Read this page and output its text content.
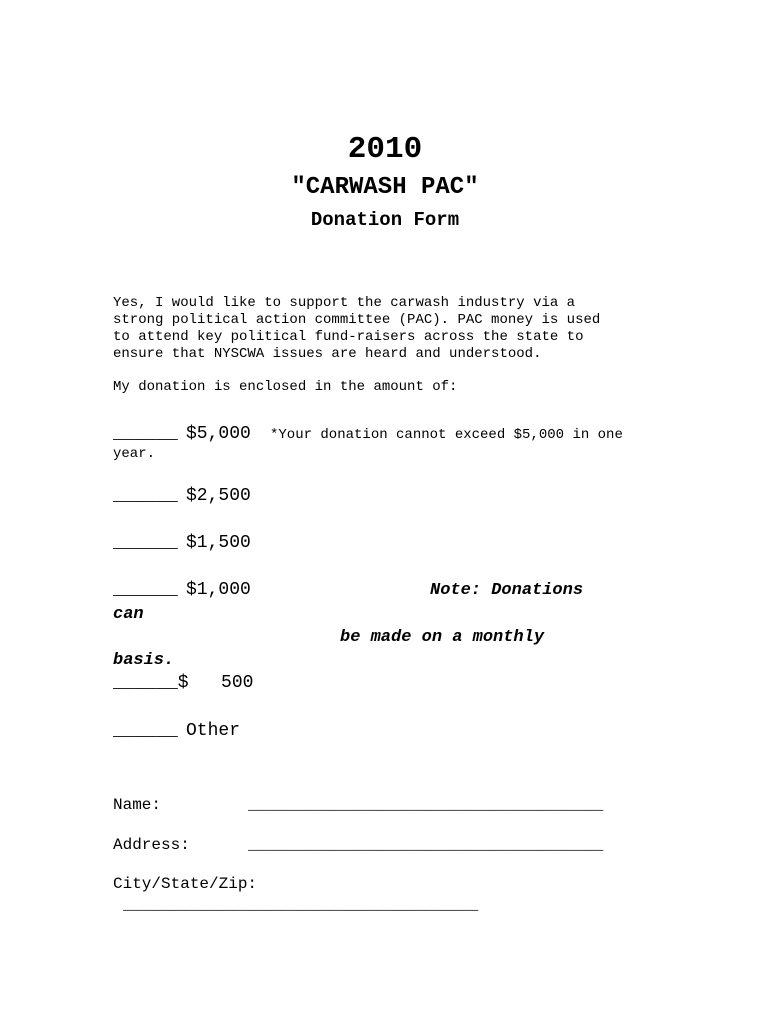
2010
"CARWASH PAC"
Donation Form
Yes, I would like to support the carwash industry via a
strong political action committee (PAC). PAC money is used
to attend key political fund-raisers across the state to
ensure that NYSCWA issues are heard and understood.
My donation is enclosed in the amount of:
______ $5,000 *Your donation cannot exceed $5,000 in one
year.
______ $2,500
______ $1,500
______ $1,000	Note: Donations
can
be made on a monthly
basis.
______$   500
______ Other
Name:	_____________________________________
Address:	_____________________________________
City/State/Zip:
_____________________________________
